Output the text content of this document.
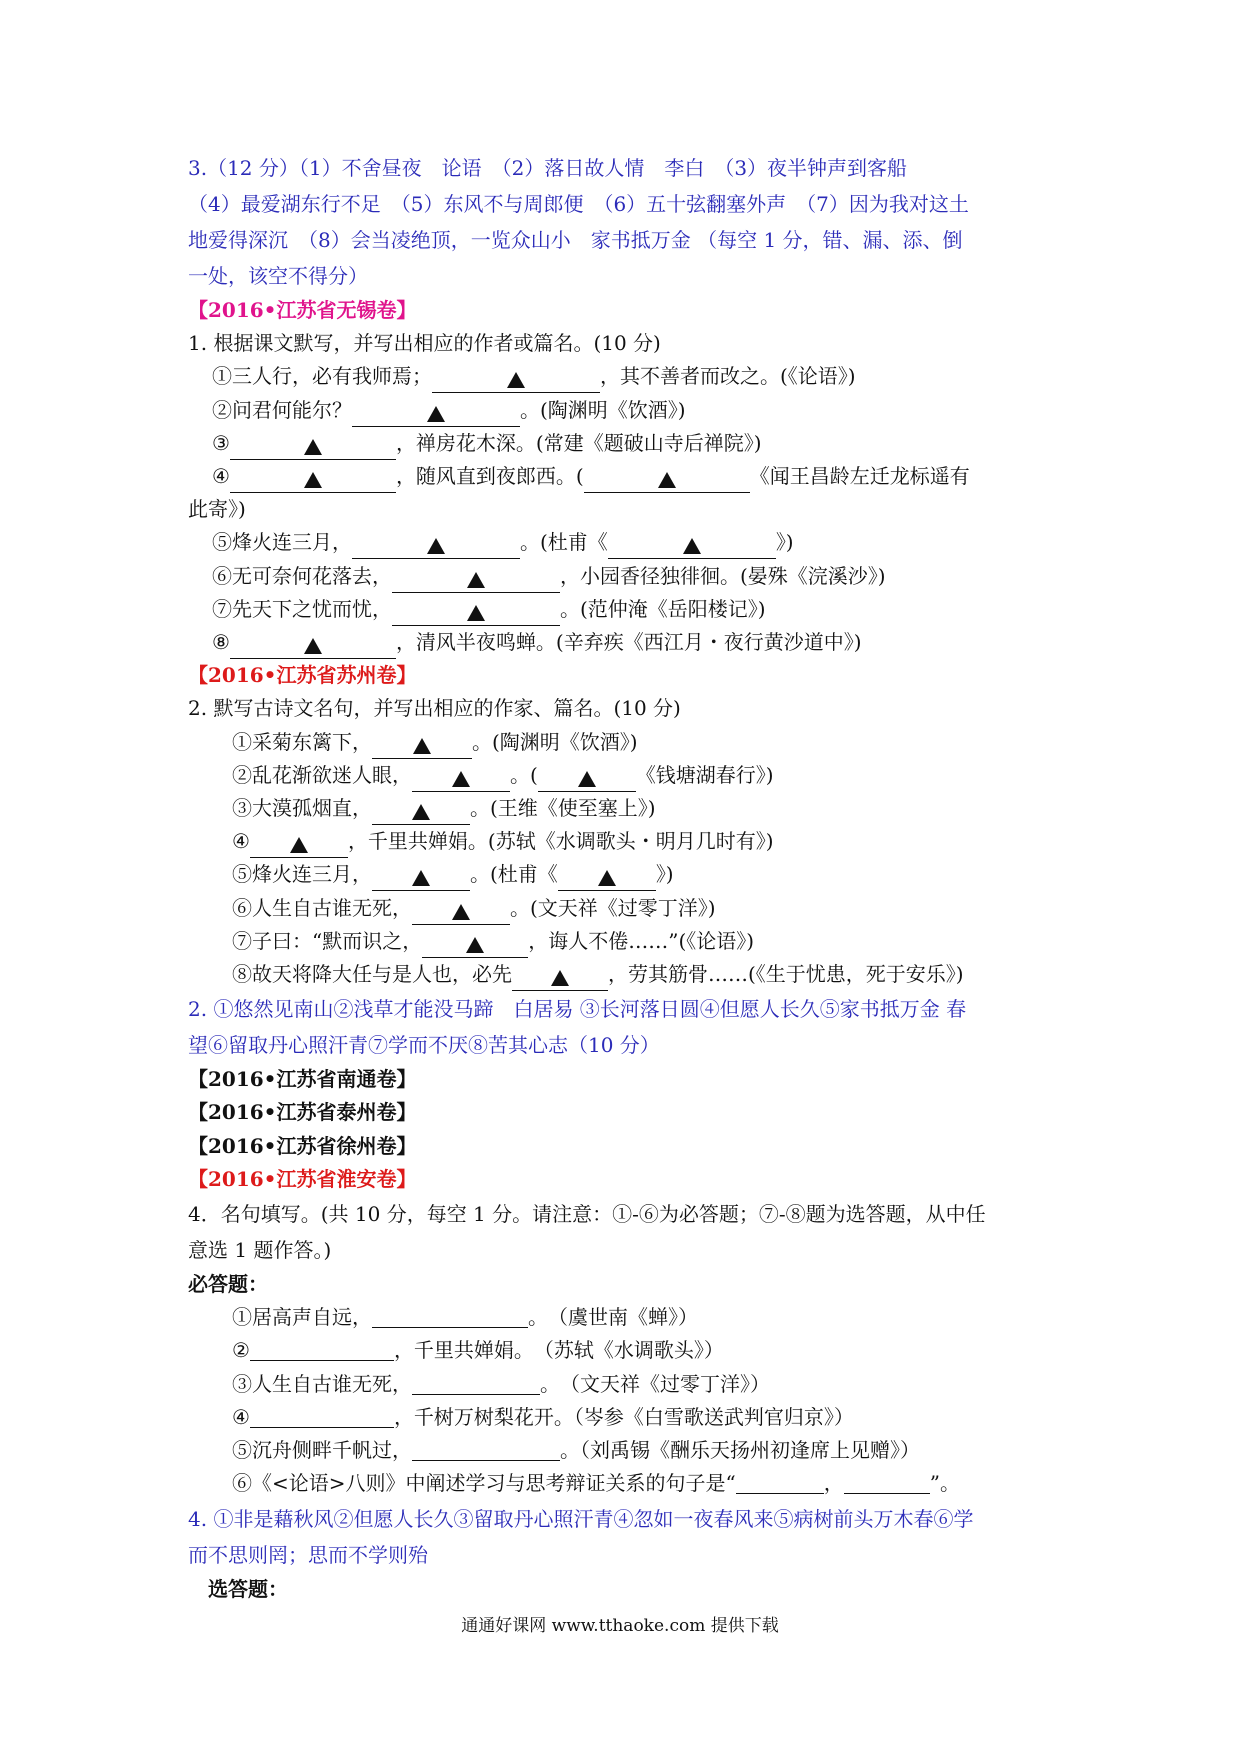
3.（12 分）（1）不舍昼夜　论语　（2）落日故人情　李白　（3）夜半钟声到客船
（4）最爱湖东行不足　（5）东风不与周郎便　（6）五十弦翻塞外声　（7）因为我对这土
地爱得深沉　（8）会当凌绝顶，一览众山小　家书抵万金 （每空 1 分，错、漏、添、倒
一处，该空不得分）
【2016•江苏省无锡卷】
1. 根据课文默写，并写出相应的作者或篇名。(10 分)
①三人行，必有我师焉；	，其不善者而改之。(《论语》)
②问君何能尔？	。(陶渊明《饮酒》)
③	，禅房花木深。(常建《题破山寺后禅院》)
④	，随风直到夜郎西。(	《闻王昌龄左迁龙标遥有
此寄》)
⑤烽火连三月，	。(杜甫《	》)
⑥无可奈何花落去，	，小园香径独徘徊。(晏殊《浣溪沙》)
⑦先天下之忧而忧，	。(范仲淹《岳阳楼记》)
⑧	，清风半夜鸣蝉。(辛弃疾《西江月・夜行黄沙道中》)
【2016•江苏省苏州卷】
2. 默写古诗文名句，并写出相应的作家、篇名。(10 分)
①采菊东篱下，	。(陶渊明《饮酒》)
②乱花渐欲迷人眼，	。(	《钱塘湖春行》)
③大漠孤烟直，	。(王维《使至塞上》)
④	，千里共婵娟。(苏轼《水调歌头・明月几时有》)
⑤烽火连三月，	。(杜甫《	》)
⑥人生自古谁无死，	。(文天祥《过零丁洋》)
⑦子曰：“默而识之，	，诲人不倦……”(《论语》)
⑧故天将降大任与是人也，必先	，劳其筋骨……(《生于忧患，死于安乐》)
2. ①悠然见南山②浅草才能没马蹄　白居易 ③长河落日圆④但愿人长久⑤家书抵万金 春
望⑥留取丹心照汗青⑦学而不厌⑧苦其心志（10 分）
【2016•江苏省南通卷】
【2016•江苏省泰州卷】
【2016•江苏省徐州卷】
【2016•江苏省淮安卷】
4．名句填写。(共 10 分，每空 1 分。请注意：①-⑥为必答题；⑦-⑧题为选答题，从中任
意选 1 题作答。)
必答题：
①居高声自远，	。　（虞世南《蝉》）
②	，千里共婵娟。　（苏轼《水调歌头》）
③人生自古谁无死，	。　（文天祥《过零丁洋》）
④	，千树万树梨花开。（岑参《白雪歌送武判官归京》）
⑤沉舟侧畔千帆过，	。（刘禹锡《酬乐天扬州初逢席上见赠》）
⑥《<论语>八则》中阐述学习与思考辩证关系的句子是“	，	”。
4. ①非是藉秋风②但愿人长久③留取丹心照汗青④忽如一夜春风来⑤病树前头万木春⑥学
而不思则罔；思而不学则殆
选答题：
通通好课网 www.tthaoke.com 提供下载
